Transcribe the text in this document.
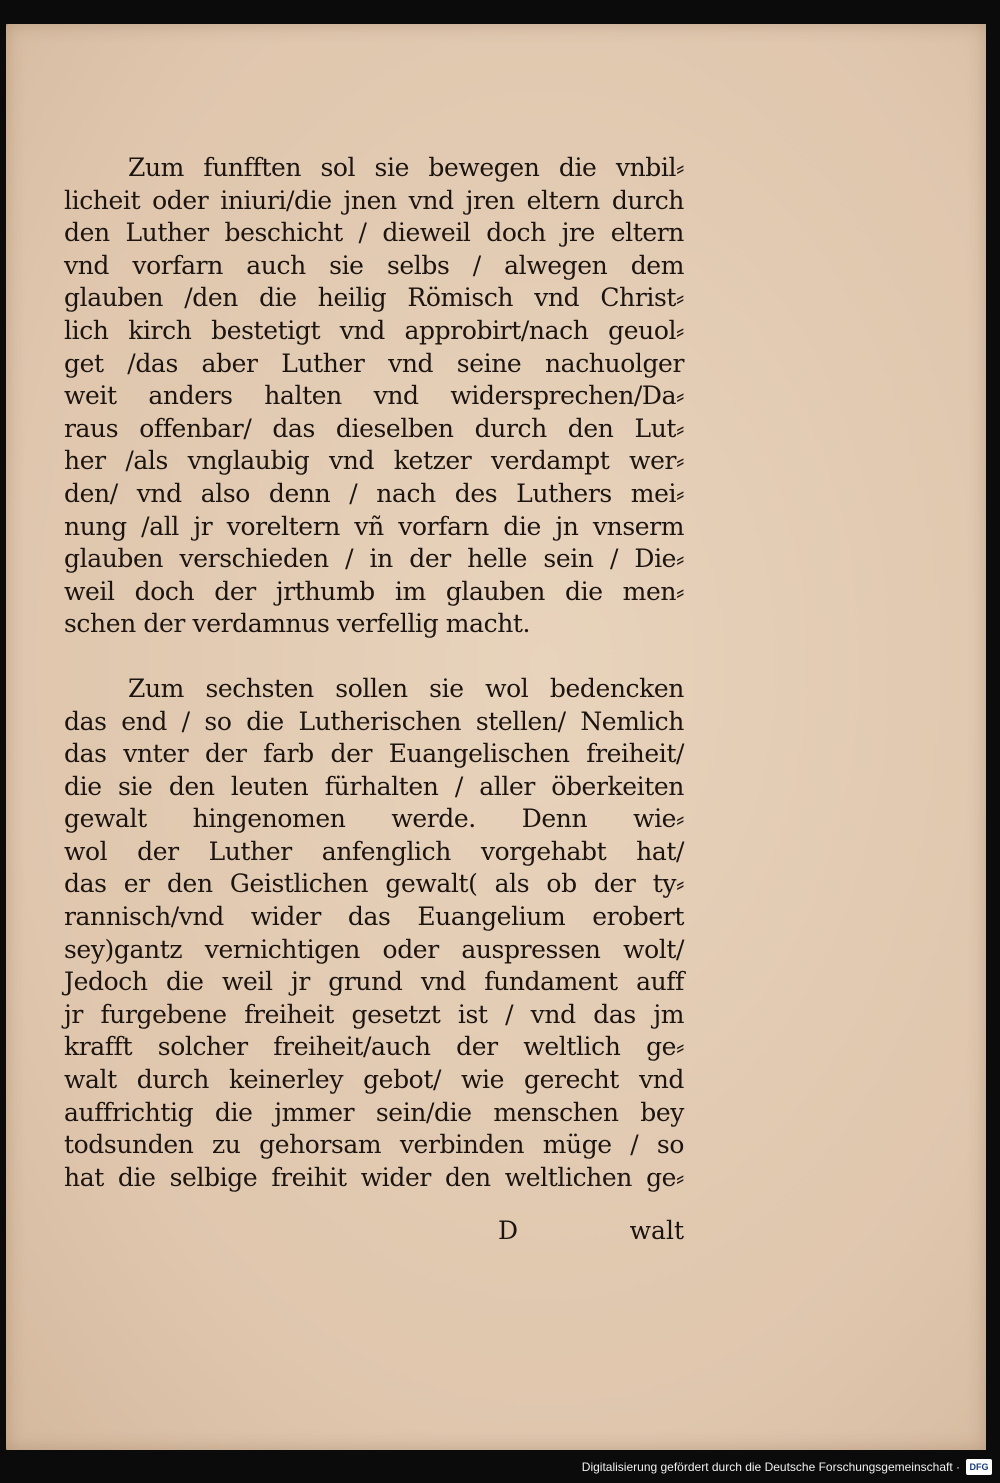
Zum funfften sol sie bewegen die vnbil⸗
licheit oder iniuri/die jnen vnd jren eltern durch
den Luther beschicht / dieweil doch jre eltern
vnd vorfarn auch sie selbs / alwegen dem
glauben /den die heilig Römisch vnd Christ⸗
lich kirch bestetigt vnd approbirt/nach geuol⸗
get /das aber Luther vnd seine nachuolger
weit anders halten vnd widersprechen/Da⸗
raus offenbar/ das dieselben durch den Lut⸗
her /als vnglaubig vnd ketzer verdampt wer⸗
den/ vnd also denn / nach des Luthers mei⸗
nung /all jr voreltern vñ vorfarn die jn vnserm
glauben verschieden / in der helle sein / Die⸗
weil doch der jrthumb im glauben die men⸗
schen der verdamnus verfellig macht.
Zum sechsten sollen sie wol bedencken
das end / so die Lutherischen stellen/ Nemlich
das vnter der farb der Euangelischen freiheit/
die sie den leuten fürhalten / aller öberkeiten
gewalt hingenomen werde. Denn wie⸗
wol der Luther anfenglich vorgehabt hat/
das er den Geistlichen gewalt( als ob der ty⸗
rannisch/vnd wider das Euangelium erobert
sey)gantz vernichtigen oder auspressen wolt/
Jedoch die weil jr grund vnd fundament auff
jr furgebene freiheit gesetzt ist / vnd das jm
krafft solcher freiheit/auch der weltlich ge⸗
walt durch keinerley gebot/ wie gerecht vnd
auffrichtig die jmmer sein/die menschen bey
todsunden zu gehorsam verbinden müge / so
hat die selbige freihit wider den weltlichen ge⸗
D	walt
Digitalisierung gefördert durch die Deutsche Forschungsgemeinschaft ·	DFG
